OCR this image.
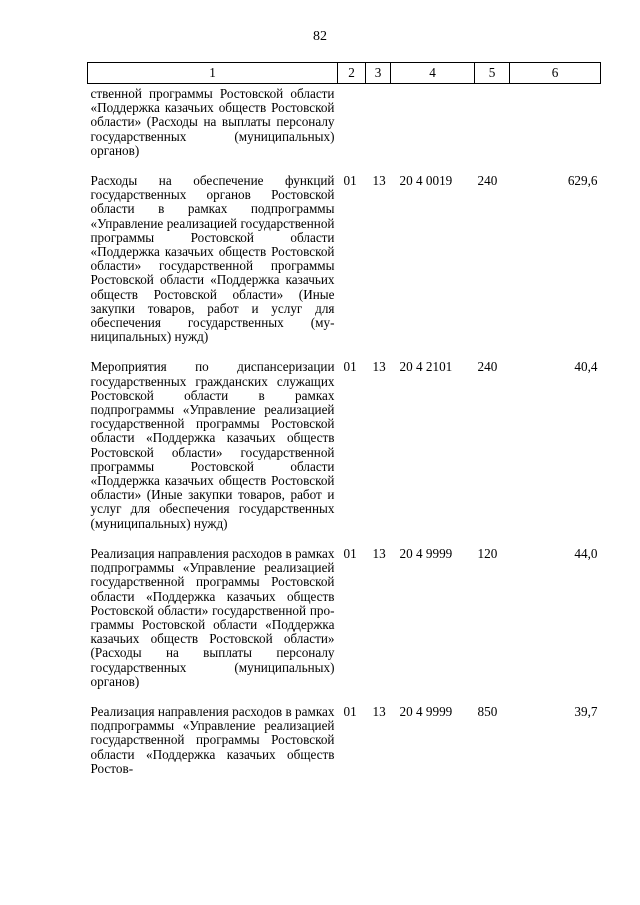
82
1	2	3	4	5	6
ственной программы Ростовской области «Поддержка казачьих обществ Ростовской области» (Расходы на выплаты персоналу государственных (муниципальных) органов)					
Расходы на обеспечение функций государственных органов Ростовской области в рамках подпрограммы «Управление реализацией государственной программы Ростовской области «Поддержка казачьих обществ Ростовской области» государственной программы Ростовской области «Поддержка казачьих обществ Ростовской области» (Иные закупки товаров, работ и услуг для обеспечения государственных (муниципальных) нужд)	01	13	20 4 0019	240	629,6
Мероприятия по диспансеризации государственных гражданских служащих Ростовской области в рамках подпрограммы «Управление реализацией государственной программы Ростовской области «Поддержка казачьих обществ Ростовской области» государственной программы Ростовской области «Поддержка казачьих обществ Ростовской области» (Иные закупки товаров, работ и услуг для обеспечения государственных (муниципальных) нужд)	01	13	20 4 2101	240	40,4
Реализация направления расходов в рамках подпрограммы «Управление реализацией государственной программы Ростовской области «Поддержка казачьих обществ Ростовской области» государственной программы Ростовской области «Поддержка казачьих обществ Ростовской области» (Расходы на выплаты персоналу государственных (муниципальных) органов)	01	13	20 4 9999	120	44,0
Реализация направления расходов в рамках подпрограммы «Управление реализацией государственной программы Ростовской области «Поддержка казачьих обществ Ростов-	01	13	20 4 9999	850	39,7
